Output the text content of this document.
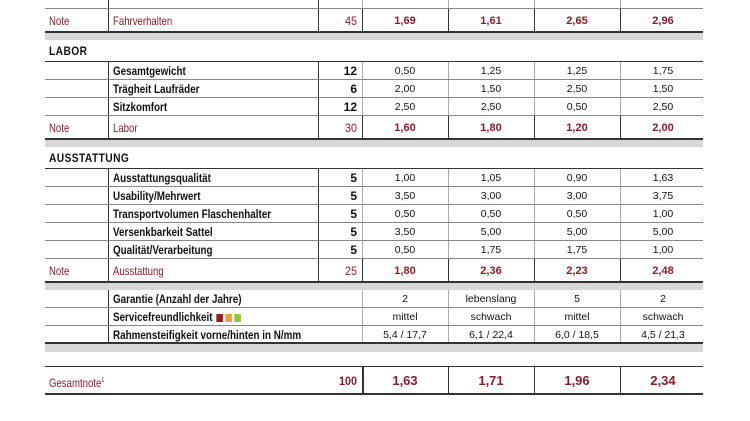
Note	Fahrverhalten	45	1,69	1,61	2,65	2,96
LABOR
Gesamtgewicht	12	0,50	1,25	1,25	1,75
Trägheit Laufräder	6	2,00	1,50	2,50	1,50
Sitzkomfort	12	2,50	2,50	0,50	2,50
Note	Labor	30	1,60	1,80	1,20	2,00
AUSSTATTUNG
Ausstattungsqualität	5	1,00	1,05	0,90	1,63
Usability/Mehrwert	5	3,50	3,00	3,00	3,75
Transportvolumen Flaschenhalter	5	0,50	0,50	0,50	1,00
Versenkbarkeit Sattel	5	3,50	5,00	5,00	5,00
Qualität/Verarbeitung	5	0,50	1,75	1,75	1,00
Note	Ausstattung	25	1,80	2,36	2,23	2,48
Garantie (Anzahl der Jahre)	2	lebenslang	5	2
Servicefreundlichkeit	mittel	schwach	mittel	schwach
Rahmensteifigkeit vorne/hinten in N/mm	5,4 / 17,7	6,1 / 22,4	6,0 / 18,5	4,5 / 21,3
Gesamtnote$^1$	100	1,63	1,71	1,96	2,34
